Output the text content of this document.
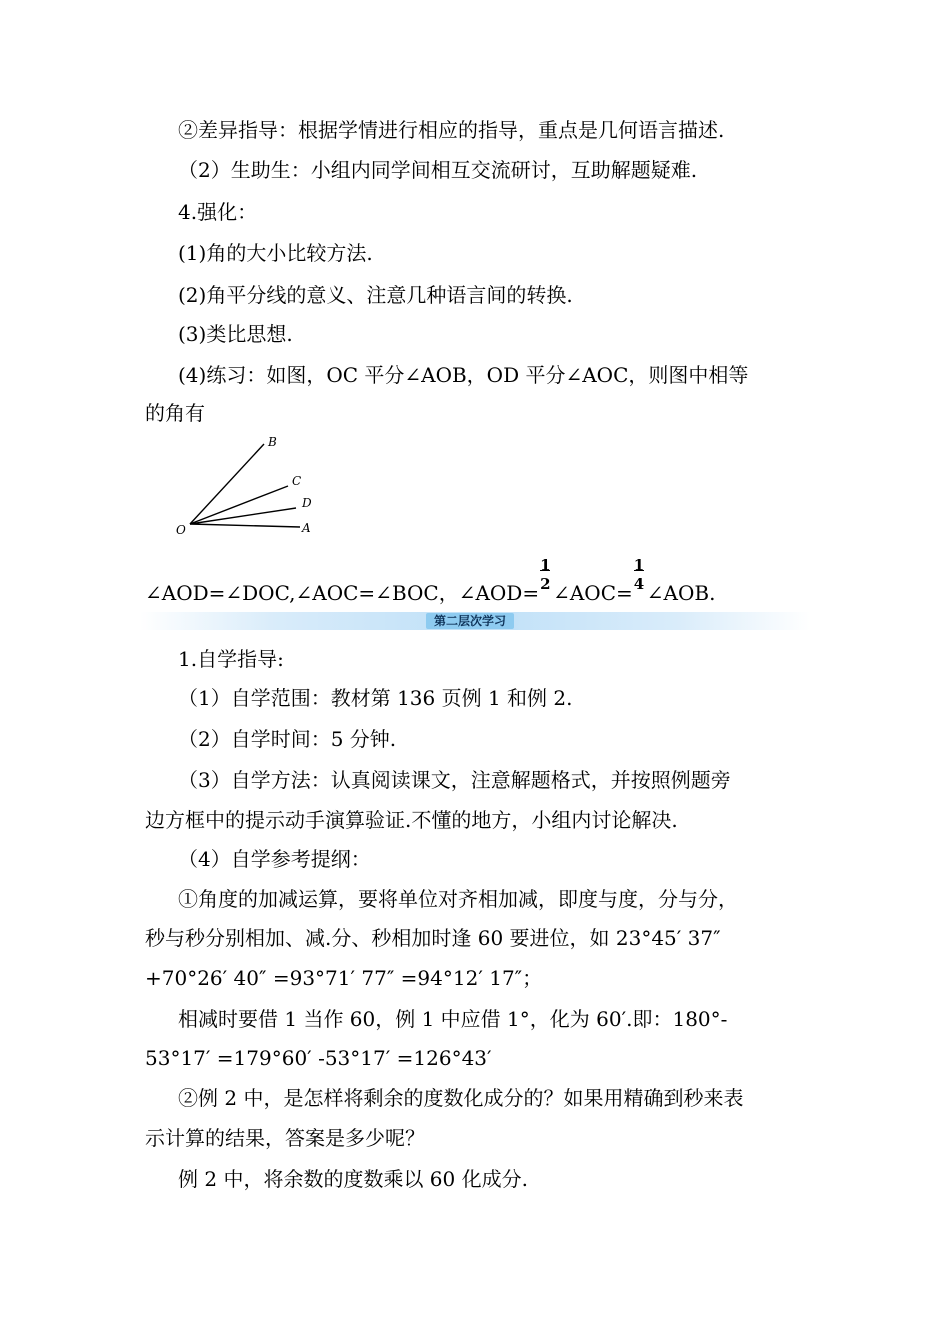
②差异指导：根据学情进行相应的指导，重点是几何语言描述.
（2）生助生：小组内同学间相互交流研讨，互助解题疑难.
4.强化：
(1)角的大小比较方法.
(2)角平分线的意义、注意几种语言间的转换.
(3)类比思想.
(4)练习：如图，OC 平分∠AOB，OD 平分∠AOC，则图中相等
的角有
B
C
D
A
O
∠AOD=∠DOC,∠AOC=∠BOC，∠AOD=
1
2 ∠AOC=
1
4 ∠AOB.
第二层次学习
1.自学指导:
（1）自学范围：教材第 136 页例 1 和例 2.
（2）自学时间：5 分钟.
（3）自学方法：认真阅读课文，注意解题格式，并按照例题旁
边方框中的提示动手演算验证.不懂的地方，小组内讨论解决.
（4）自学参考提纲：
①角度的加减运算，要将单位对齐相加减，即度与度，分与分，
秒与秒分别相加、减.分、秒相加时逢 60 要进位，如 23°45′ 37″
+70°26′ 40″ =93°71′ 77″ =94°12′ 17″；
相减时要借 1 当作 60，例 1 中应借 1°，化为 60′.即：180°-
53°17′ =179°60′ -53°17′ =126°43′
②例 2 中，是怎样将剩余的度数化成分的？如果用精确到秒来表
示计算的结果，答案是多少呢？
例 2 中，将余数的度数乘以 60 化成分.
